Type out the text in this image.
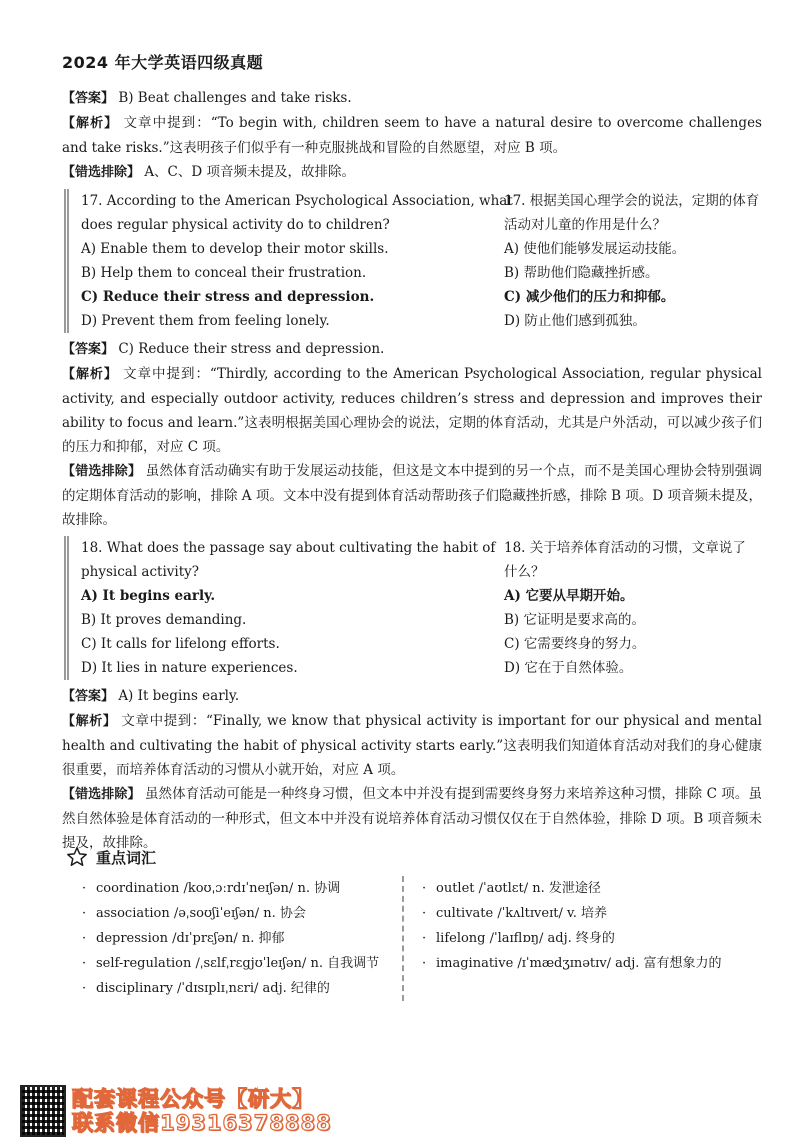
2024 年大学英语四级真题

【答案】 B) Beat challenges and take risks.

【解析】 文章中提到：“To begin with, children seem to have a natural desire to overcome challenges and take risks.”这表明孩子们似乎有一种克服挑战和冒险的自然愿望，对应 B 项。

【错选排除】 A、C、D 项音频未提及，故排除。

17. According to the American Psychological Association, what

does regular physical activity do to children?

A) Enable them to develop their motor skills.

B) Help them to conceal their frustration.

C) Reduce their stress and depression.

D) Prevent them from feeling lonely.

17. 根据美国心理学会的说法，定期的体育

活动对儿童的作用是什么？

A) 使他们能够发展运动技能。

B) 帮助他们隐藏挫折感。

C) 减少他们的压力和抑郁。

D) 防止他们感到孤独。

【答案】 C) Reduce their stress and depression.

【解析】 文章中提到：“Thirdly, according to the American Psychological Association, regular physical activity, and especially outdoor activity, reduces children’s stress and depression and improves their ability to focus and learn.”这表明根据美国心理协会的说法，定期的体育活动，尤其是户外活动，可以减少孩子们的压力和抑郁，对应 C 项。

【错选排除】 虽然体育活动确实有助于发展运动技能，但这是文本中提到的另一个点，而不是美国心理协会特别强调的定期体育活动的影响，排除 A 项。文本中没有提到体育活动帮助孩子们隐藏挫折感，排除 B 项。D 项音频未提及，故排除。

18. What does the passage say about cultivating the habit of

physical activity?

A) It begins early.

B) It proves demanding.

C) It calls for lifelong efforts.

D) It lies in nature experiences.

18. 关于培养体育活动的习惯，文章说了

什么？

A) 它要从早期开始。

B) 它证明是要求高的。

C) 它需要终身的努力。

D) 它在于自然体验。

【答案】 A) It begins early.

【解析】 文章中提到：“Finally, we know that physical activity is important for our physical and mental health and cultivating the habit of physical activity starts early.”这表明我们知道体育活动对我们的身心健康很重要，而培养体育活动的习惯从小就开始，对应 A 项。

【错选排除】 虽然体育活动可能是一种终身习惯，但文本中并没有提到需要终身努力来培养这种习惯，排除 C 项。虽然自然体验是体育活动的一种形式，但文本中并没有说培养体育活动习惯仅仅在于自然体验，排除 D 项。B 项音频未提及，故排除。

重点词汇
· coordination /koʊˌɔːrdɪˈneɪʃən/ n. 协调
· association /əˌsoʊʃiˈeɪʃən/ n. 协会
· depression /dɪˈprɛʃən/ n. 抑郁
· self-regulation /ˌsɛlfˌrɛgjʊˈleɪʃən/ n. 自我调节
· disciplinary /ˈdɪsɪplɪˌnɛri/ adj. 纪律的
· outlet /ˈaʊtlɛt/ n. 发泄途径
· cultivate /ˈkʌltɪveɪt/ v. 培养
· lifelong /ˈlaɪflɒŋ/ adj. 终身的
· imaginative /ɪˈmædʒɪnətɪv/ adj. 富有想象力的
配套课程公众号【研大】
联系微信19316378888
